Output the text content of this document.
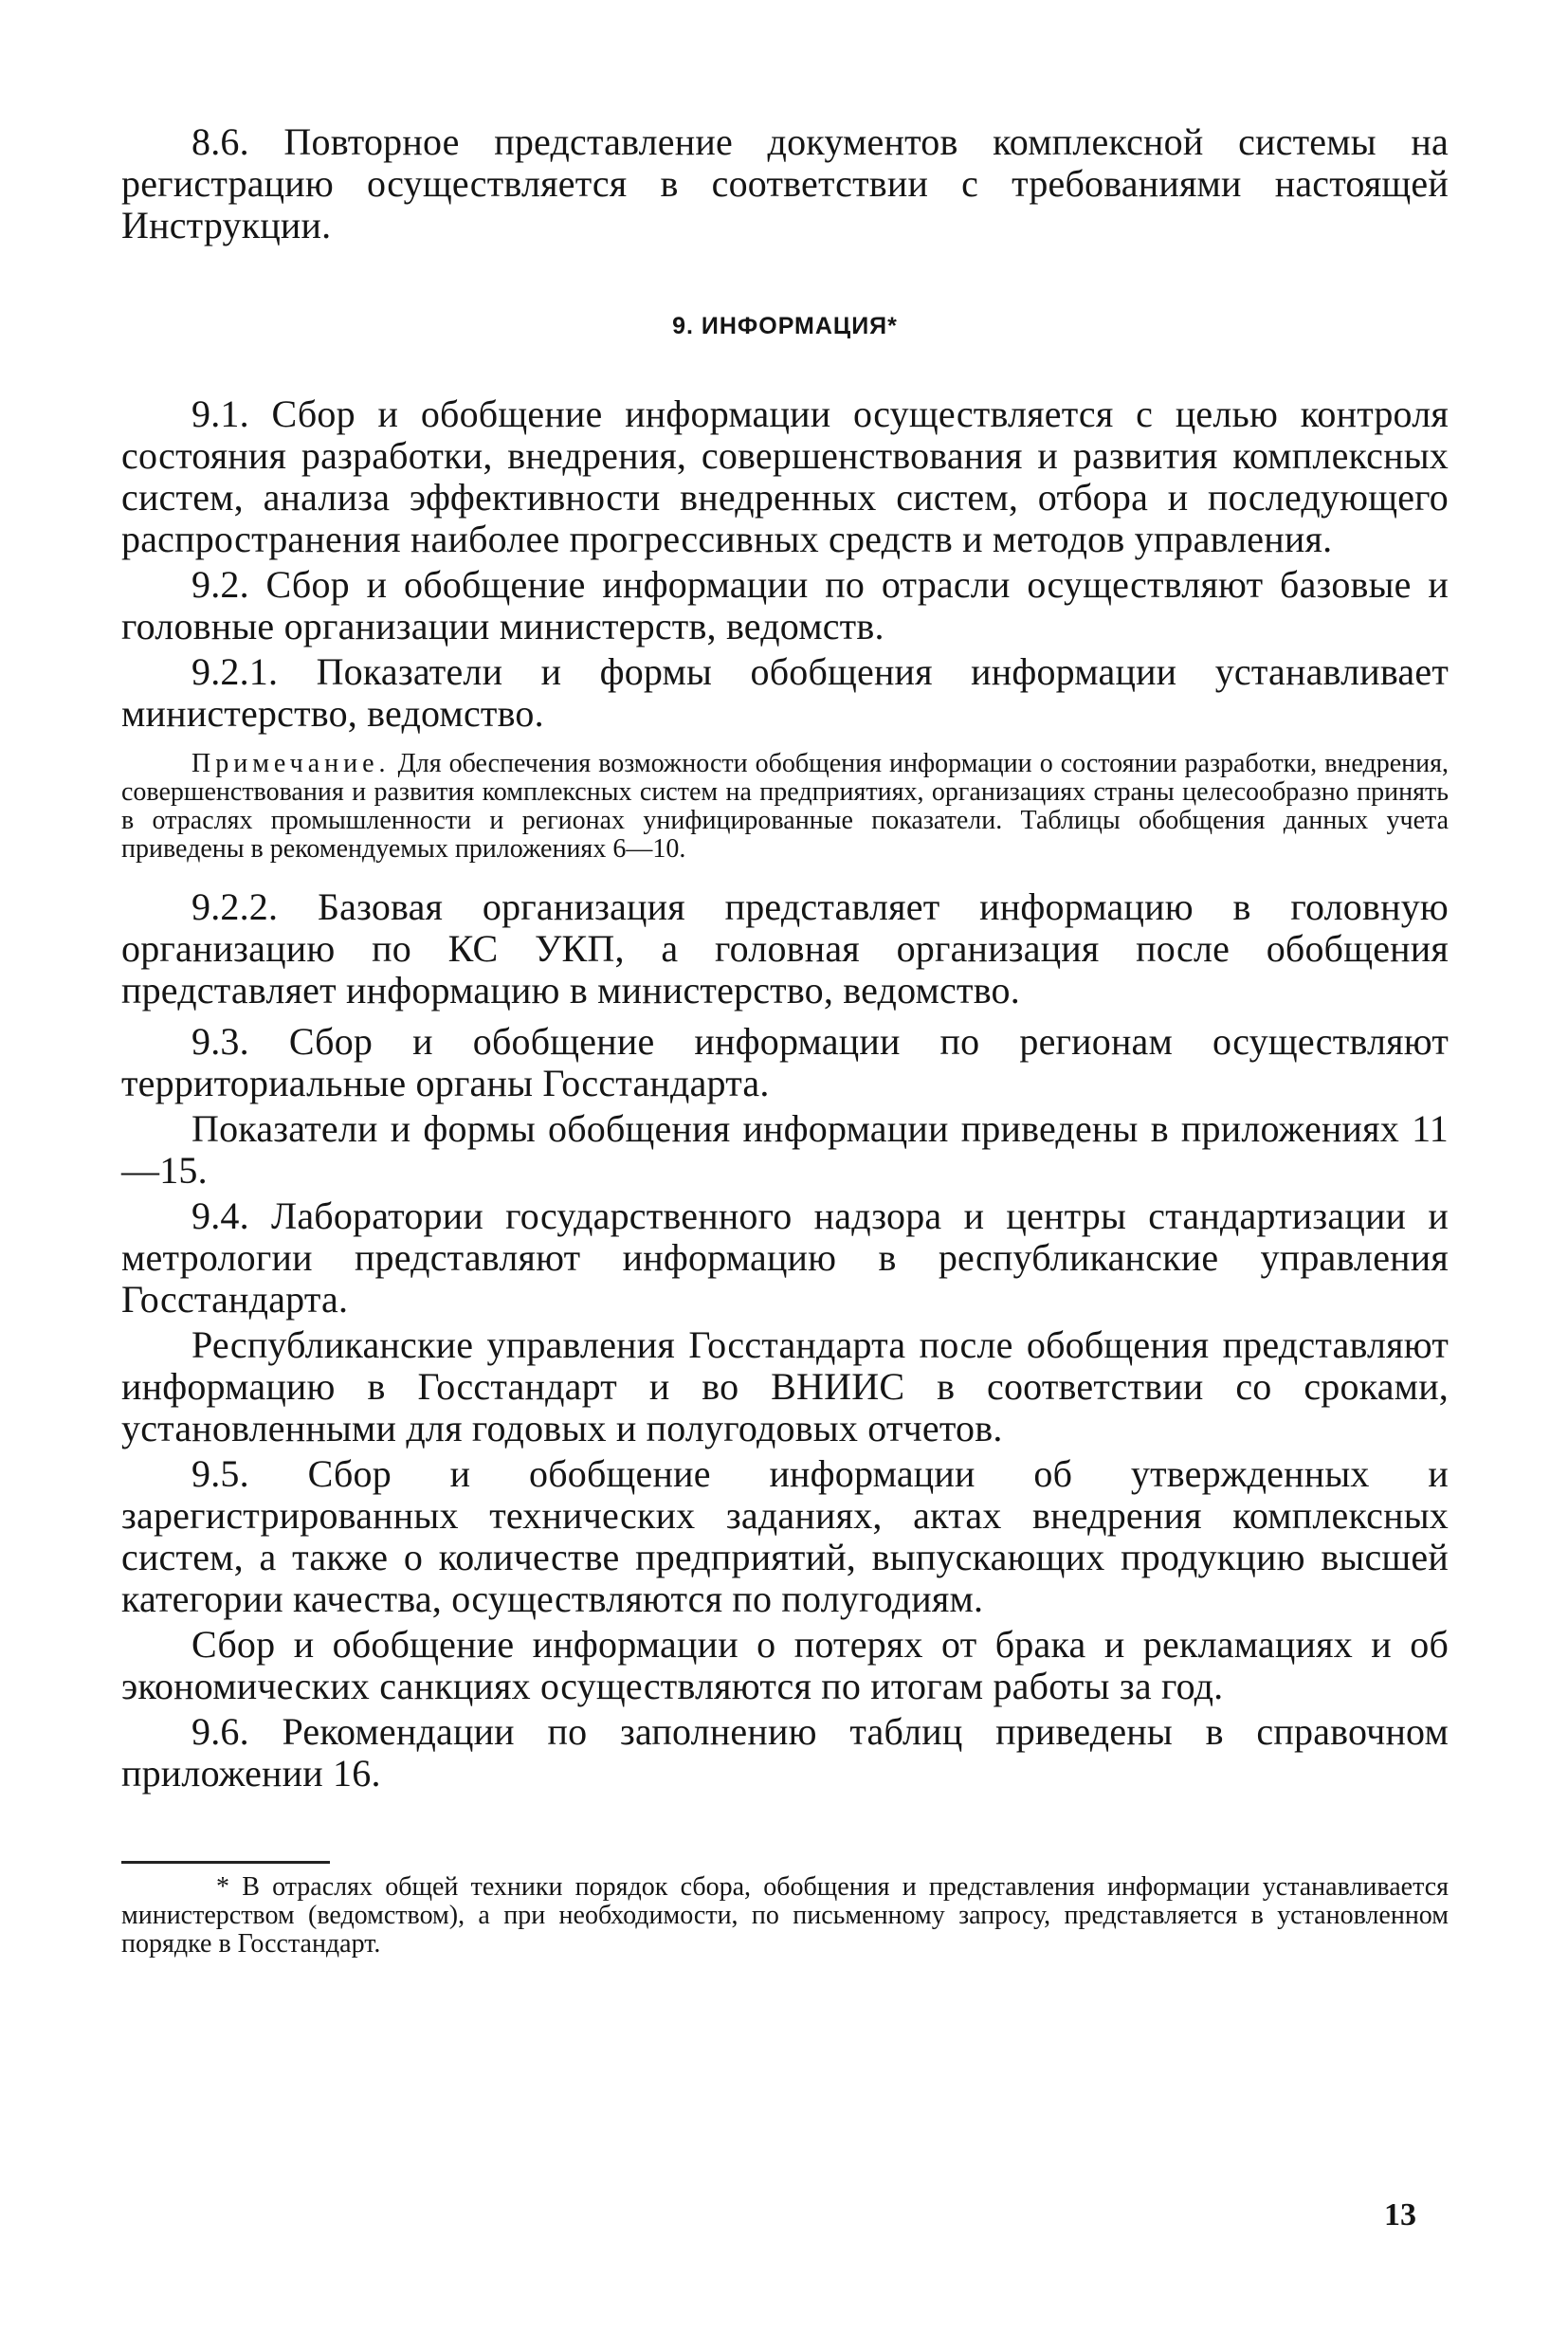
8.6. Повторное представление документов комплексной системы на регистрацию осуществляется в соответствии с требованиями настоящей Инструкции.

9. ИНФОРМАЦИЯ*

9.1. Сбор и обобщение информации осуществляется с целью контроля состояния разработки, внедрения, совершенствования и развития комплексных систем, анализа эффективности внедренных систем, отбора и последующего распространения наиболее прогрессивных средств и методов управления.

9.2. Сбор и обобщение информации по отрасли осуществляют базовые и головные организации министерств, ведомств.

9.2.1. Показатели и формы обобщения информации устанавливает министерство, ведомство.

Примечание. Для обеспечения возможности обобщения информации о состоянии разработки, внедрения, совершенствования и развития комплексных систем на предприятиях, организациях страны целесообразно принять в отраслях промышленности и регионах унифицированные показатели. Таблицы обобщения данных учета приведены в рекомендуемых приложениях 6—10.

9.2.2. Базовая организация представляет информацию в головную организацию по КС УКП, а головная организация после обобщения представляет информацию в министерство, ведомство.

9.3. Сбор и обобщение информации по регионам осуществляют территориальные органы Госстандарта.

Показатели и формы обобщения информации приведены в приложениях 11—15.

9.4. Лаборатории государственного надзора и центры стандартизации и метрологии представляют информацию в республиканские управления Госстандарта.

Республиканские управления Госстандарта после обобщения представляют информацию в Госстандарт и во ВНИИС в соответствии со сроками, установленными для годовых и полугодовых отчетов.

9.5. Сбор и обобщение информации об утвержденных и зарегистрированных технических заданиях, актах внедрения комплексных систем, а также о количестве предприятий, выпускающих продукцию высшей категории качества, осуществляются по полугодиям.

Сбор и обобщение информации о потерях от брака и рекламациях и об экономических санкциях осуществляются по итогам работы за год.

9.6. Рекомендации по заполнению таблиц приведены в справочном приложении 16.

* В отраслях общей техники порядок сбора, обобщения и представления информации устанавливается министерством (ведомством), а при необходимости, по письменному запросу, представляется в установленном порядке в Госстандарт.

13
